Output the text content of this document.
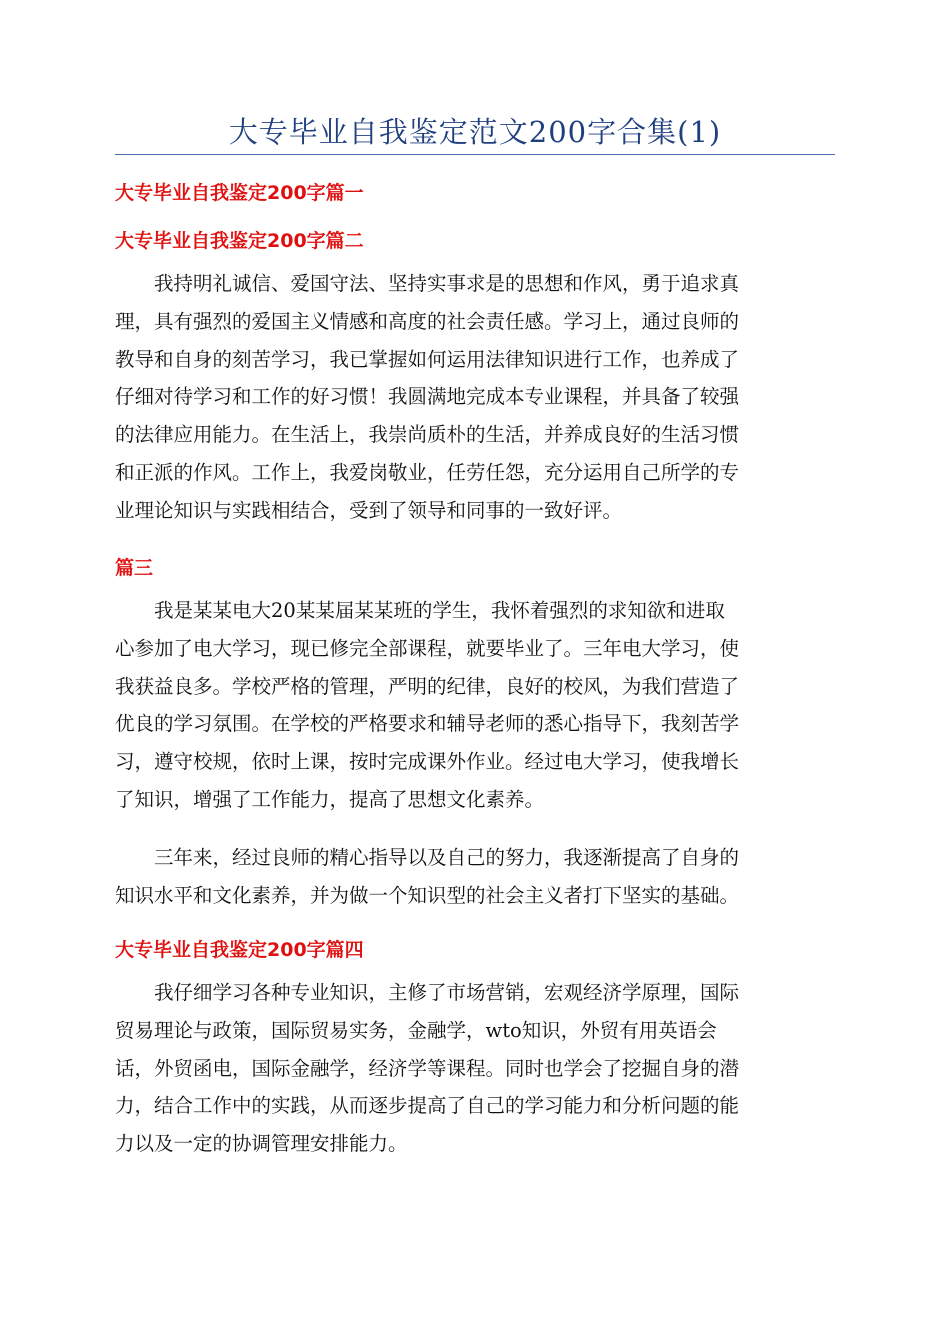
大专毕业自我鉴定范文200字合集(1)
大专毕业自我鉴定200字篇一
大专毕业自我鉴定200字篇二

我持明礼诚信、爱国守法、坚持实事求是的思想和作风，勇于追求真
理，具有强烈的爱国主义情感和高度的社会责任感。学习上，通过良师的
教导和自身的刻苦学习，我已掌握如何运用法律知识进行工作，也养成了
仔细对待学习和工作的好习惯！我圆满地完成本专业课程，并具备了较强
的法律应用能力。在生活上，我崇尚质朴的生活，并养成良好的生活习惯
和正派的作风。工作上，我爱岗敬业，任劳任怨，充分运用自己所学的专
业理论知识与实践相结合，受到了领导和同事的一致好评。

篇三

我是某某电大20某某届某某班的学生，我怀着强烈的求知欲和进取
心参加了电大学习，现已修完全部课程，就要毕业了。三年电大学习，使
我获益良多。学校严格的管理，严明的纪律，良好的校风，为我们营造了
优良的学习氛围。在学校的严格要求和辅导老师的悉心指导下，我刻苦学
习，遵守校规，依时上课，按时完成课外作业。经过电大学习，使我增长
了知识，增强了工作能力，提高了思想文化素养。

三年来，经过良师的精心指导以及自己的努力，我逐渐提高了自身的
知识水平和文化素养，并为做一个知识型的社会主义者打下坚实的基础。

大专毕业自我鉴定200字篇四

我仔细学习各种专业知识，主修了市场营销，宏观经济学原理，国际
贸易理论与政策，国际贸易实务，金融学，wto知识，外贸有用英语会
话，外贸函电，国际金融学，经济学等课程。同时也学会了挖掘自身的潜
力，结合工作中的实践，从而逐步提高了自己的学习能力和分析问题的能
力以及一定的协调管理安排能力。
